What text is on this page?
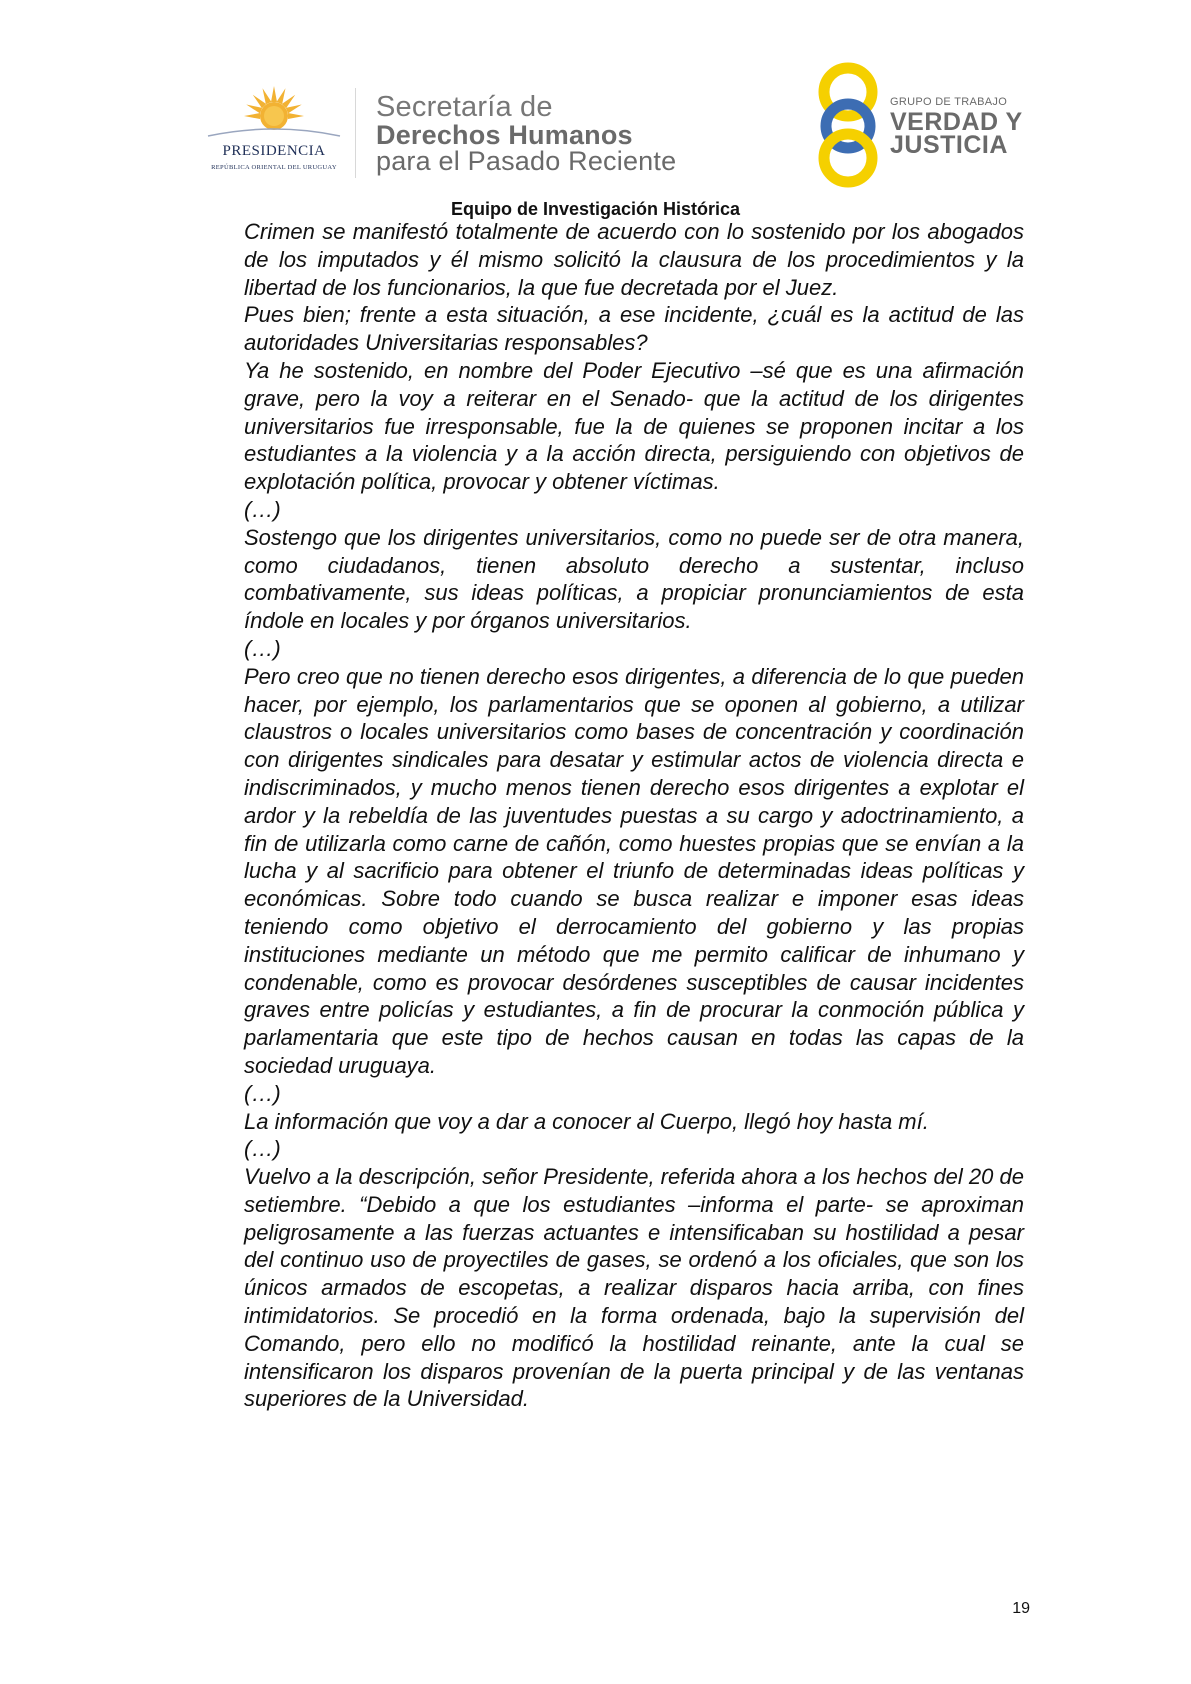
PRESIDENCIA
REPÚBLICA ORIENTAL DEL URUGUAY
Secretaría de
Derechos Humanos
para el Pasado Reciente
GRUPO DE TRABAJO
VERDAD Y
JUSTICIA
Equipo de Investigación Histórica

Crimen se manifestó totalmente de acuerdo con lo sostenido por los abogados de los imputados y él mismo solicitó la clausura de los procedimientos y la libertad de los funcionarios, la que fue decretada por el Juez.

Pues bien; frente a esta situación, a ese incidente, ¿cuál es la actitud de las autoridades Universitarias responsables?

Ya he sostenido, en nombre del Poder Ejecutivo –sé que es una afirmación grave, pero la voy a reiterar en el Senado- que la actitud de los dirigentes universitarios fue irresponsable, fue la de quienes se proponen incitar a los estudiantes a la violencia y a la acción directa, persiguiendo con objetivos de explotación política, provocar y obtener víctimas.

(…)

Sostengo que los dirigentes universitarios, como no puede ser de otra manera, como ciudadanos, tienen absoluto derecho a sustentar, incluso combativamente, sus ideas políticas, a propiciar pronunciamientos de esta índole en locales y por órganos universitarios.

(…)

Pero creo que no tienen derecho esos dirigentes, a diferencia de lo que pueden hacer, por ejemplo, los parlamentarios que se oponen al gobierno, a utilizar claustros o locales universitarios como bases de concentración y coordinación con dirigentes sindicales para desatar y estimular actos de violencia directa e indiscriminados, y mucho menos tienen derecho esos dirigentes a explotar el ardor y la rebeldía de las juventudes puestas a su cargo y adoctrinamiento, a fin de utilizarla como carne de cañón, como huestes propias que se envían a la lucha y al sacrificio para obtener el triunfo de determinadas ideas políticas y económicas. Sobre todo cuando se busca realizar e imponer esas ideas teniendo como objetivo el derrocamiento del gobierno y las propias instituciones mediante un método que me permito calificar de inhumano y condenable, como es provocar desórdenes susceptibles de causar incidentes graves entre policías y estudiantes, a fin de procurar la conmoción pública y parlamentaria que este tipo de hechos causan en todas las capas de la sociedad uruguaya.

(…)

La información que voy a dar a conocer al Cuerpo, llegó hoy hasta mí.

(…)

Vuelvo a la descripción, señor Presidente, referida ahora a los hechos del 20 de setiembre. “Debido a que los estudiantes –informa el parte- se aproximan peligrosamente a las fuerzas actuantes e intensificaban su hostilidad a pesar del continuo uso de proyectiles de gases, se ordenó a los oficiales, que son los únicos armados de escopetas, a realizar disparos hacia arriba, con fines intimidatorios. Se procedió en la forma ordenada, bajo la supervisión del Comando, pero ello no modificó la hostilidad reinante, ante la cual se intensificaron los disparos provenían de la puerta principal y de las ventanas superiores de la Universidad.

19
